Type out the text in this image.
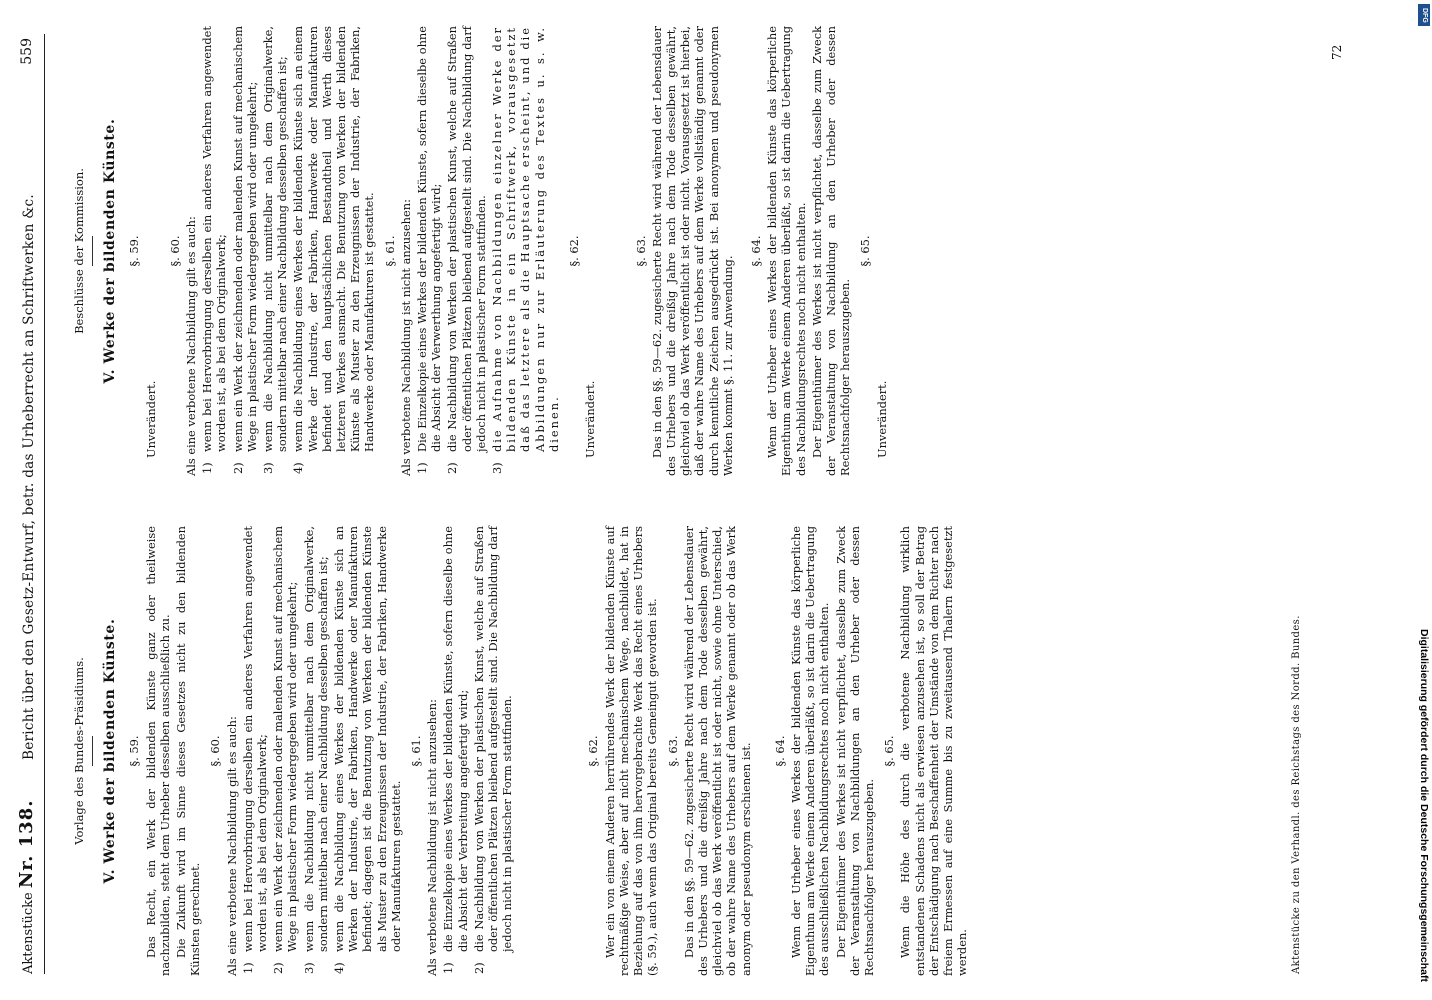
Aktenstücke Nr. 138.
Bericht über den Gesetz-Entwurf, betr. das Urheberrecht an Schriftwerken &c.
559
Vorlage des Bundes-Präsidiums. V. Werke der bildenden Künste. §. 59. Das Recht, ein Werk der bildenden Künste ganz oder theilweise nachzubilden, steht dem Urheber desselben ausschließlich zu. Die Zukunft wird im Sinne dieses Gesetzes nicht zu den bildenden Künsten gerechnet.

§. 60. Als eine verbotene Nachbildung gilt es auch: 1)
wenn bei Hervorbringung derselben ein anderes Verfahren angewendet worden ist, als bei dem Originalwerk;
2)
wenn ein Werk der zeichnenden oder malenden Kunst auf mechanischem Wege in plastischer Form wiedergegeben wird oder umgekehrt;
3)
wenn die Nachbildung nicht unmittelbar nach dem Originalwerke, sondern mittelbar nach einer Nachbildung desselben geschaffen ist;
4)
wenn die Nachbildung eines Werkes der bildenden Künste sich an Werken der Industrie, der Fabriken, Handwerke oder Manufakturen befindet; dagegen ist die Benutzung von Werken der bildenden Künste als Muster zu den Erzeugnissen der Industrie, der Fabriken, Handwerke oder Manufakturen gestattet.
§. 61. Als verbotene Nachbildung ist nicht anzusehen: 1)
die Einzelkopie eines Werkes der bildenden Künste, sofern dieselbe ohne die Absicht der Verbreitung angefertigt wird;
2)
die Nachbildung von Werken der plastischen Kunst, welche auf Straßen oder öffentlichen Plätzen bleibend aufgestellt sind. Die Nachbildung darf jedoch nicht in plastischer Form stattfinden.	§. 62. Wer ein von einem Anderen herrührendes Werk der bildenden Künste auf rechtmäßige Weise, aber auf nicht mechanischem Wege, nachbildet, hat in Beziehung auf das von ihm hervorgebrachte Werk das Recht eines Urhebers (§. 59.), auch wenn das Original bereits Gemeingut geworden ist. §. 63. Das in den §§. 59—62. zugesicherte Recht wird während der Lebensdauer des Urhebers und die dreißig Jahre nach dem Tode desselben gewährt, gleichviel ob das Werk veröffentlicht ist oder nicht, sowie ohne Unterschied, ob der wahre Name des Urhebers auf dem Werke genannt oder ob das Werk anonym oder pseudonym erschienen ist. §. 64. Wenn der Urheber eines Werkes der bildenden Künste das körperliche Eigenthum am Werke einem Anderen überläßt, so ist darin die Uebertragung des ausschließlichen Nachbildungsrechtes noch nicht enthalten. Der Eigenthümer des Werkes ist nicht verpflichtet, dasselbe zum Zweck der Veranstaltung von Nachbildungen an den Urheber oder dessen Rechtsnachfolger herauszugeben.

§. 65. Wenn die Höhe des durch die verbotene Nachbildung wirklich entstandenen Schadens nicht als erwiesen anzusehen ist, so soll der Betrag der Entschädigung nach Beschaffenheit der Umstände von dem Richter nach freiem Ermessen auf eine Summe bis zu zweitausend Thalern festgesetzt werden.

Beschlüsse der Kommission. V. Werke der bildenden Künste. §. 59.

Unverändert.

§. 60. Als eine verbotene Nachbildung gilt es auch: 1)
wenn bei Hervorbringung derselben ein anderes Verfahren angewendet worden ist, als bei dem Originalwerk;
2)
wenn ein Werk der zeichnenden oder malenden Kunst auf mechanischem Wege in plastischer Form wiedergegeben wird oder umgekehrt;
3)
wenn die Nachbildung nicht unmittelbar nach dem Originalwerke, sondern mittelbar nach einer Nachbildung desselben geschaffen ist;
4)
wenn die Nachbildung eines Werkes der bildenden Künste sich an einem Werke der Industrie, der Fabriken, Handwerke oder Manufakturen befindet und den hauptsächlichen Bestandtheil und Werth dieses letzteren Werkes ausmacht. Die Benutzung von Werken der bildenden Künste als Muster zu den Erzeugnissen der Industrie, der Fabriken, Handwerke oder Manufakturen ist gestattet. §. 61. Als verbotene Nachbildung ist nicht anzusehen: 1)
Die Einzelkopie eines Werkes der bildenden Künste, sofern dieselbe ohne die Absicht der Verwerthung angefertigt wird;
2)
die Nachbildung von Werken der plastischen Kunst, welche auf Straßen oder öffentlichen Plätzen bleibend aufgestellt sind. Die Nachbildung darf jedoch nicht in plastischer Form stattfinden.
3)
die Aufnahme von Nachbildungen einzelner Werke der bildenden Künste in ein Schriftwerk, vorausgesetzt daß das letztere als die Hauptsache erscheint, und die Abbildungen nur zur Erläuterung des Textes u. s. w. dienen.
§. 62.

Unverändert.

§. 63. Das in den §§. 59—62. zugesicherte Recht wird während der Lebensdauer des Urhebers und die dreißig Jahre nach dem Tode desselben gewährt, gleichviel ob das Werk veröffentlicht ist oder nicht. Vorausgesetzt ist hierbei, daß der wahre Name des Urhebers auf dem Werke vollständig genannt oder durch kenntliche Zeichen ausgedrückt ist. Bei anonymen und pseudonymen Werken kommt §. 11. zur Anwendung.

§. 64. Wenn der Urheber eines Werkes der bildenden Künste das körperliche Eigenthum am Werke einem Anderen überläßt, so ist darin die Uebertragung des Nachbildungsrechtes noch nicht enthalten. Der Eigenthümer des Werkes ist nicht verpflichtet, dasselbe zum Zweck der Veranstaltung von Nachbildung an den Urheber oder dessen Rechtsnachfolger herauszugeben.

§. 65.

Unverändert.

Aktenstücke zu den Verhandl. des Reichstags des Nordd. Bundes.
72
Digitalisierung gefördert durch die Deutsche Forschungsgemeinschaft
DFG
